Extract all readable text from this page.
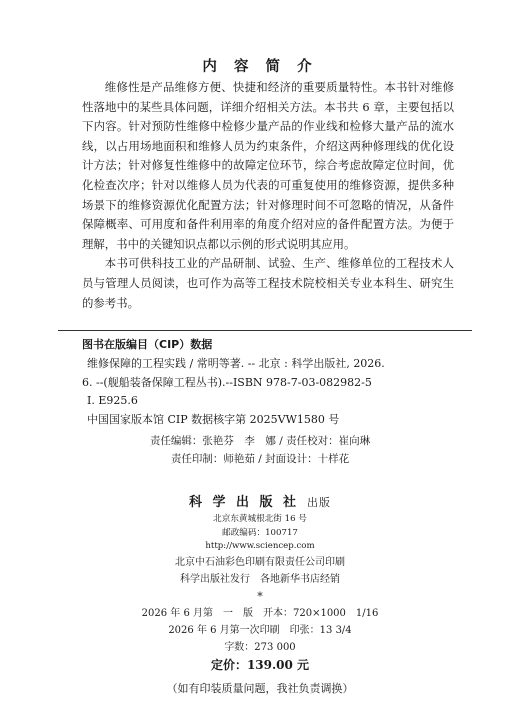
内 容 简 介

维修性是产品维修方便、快捷和经济的重要质量特性。本书针对维修性落地中的某些具体问题，详细介绍相关方法。本书共 6 章，主要包括以下内容。针对预防性维修中检修少量产品的作业线和检修大量产品的流水线，以占用场地面积和维修人员为约束条件，介绍这两种修理线的优化设计方法；针对修复性维修中的故障定位环节，综合考虑故障定位时间，优化检查次序；针对以维修人员为代表的可重复使用的维修资源，提供多种场景下的维修资源优化配置方法；针对修理时间不可忽略的情况，从备件保障概率、可用度和备件利用率的角度介绍对应的备件配置方法。为便于理解，书中的关键知识点都以示例的形式说明其应用。

本书可供科技工业的产品研制、试验、生产、维修单位的工程技术人员与管理人员阅读，也可作为高等工程技术院校相关专业本科生、研究生的参考书。

图书在版编目（CIP）数据
维修保障的工程实践 / 常明等著. -- 北京 : 科学出版社, 2026.
6. --(舰船装备保障工程丛书).--ISBN 978-7-03-082982-5
Ⅰ. E925.6
中国国家版本馆 CIP 数据核字第 2025VW1580 号
责任编辑：张艳芬　李　娜 / 责任校对：崔向琳
责任印制：师艳茹 / 封面设计：十样花
科 学 出 版 社 出版
北京东黄城根北街 16 号
邮政编码：100717
http://www.sciencep.com
北京中石油彩色印刷有限责任公司印刷
科学出版社发行　各地新华书店经销
*
2026 年 6 月第　一　版　开本：720×1000　1/16
2026 年 6 月第一次印刷　印张：13 3/4
字数：273 000
定价：139.00 元
（如有印装质量问题，我社负责调换）
